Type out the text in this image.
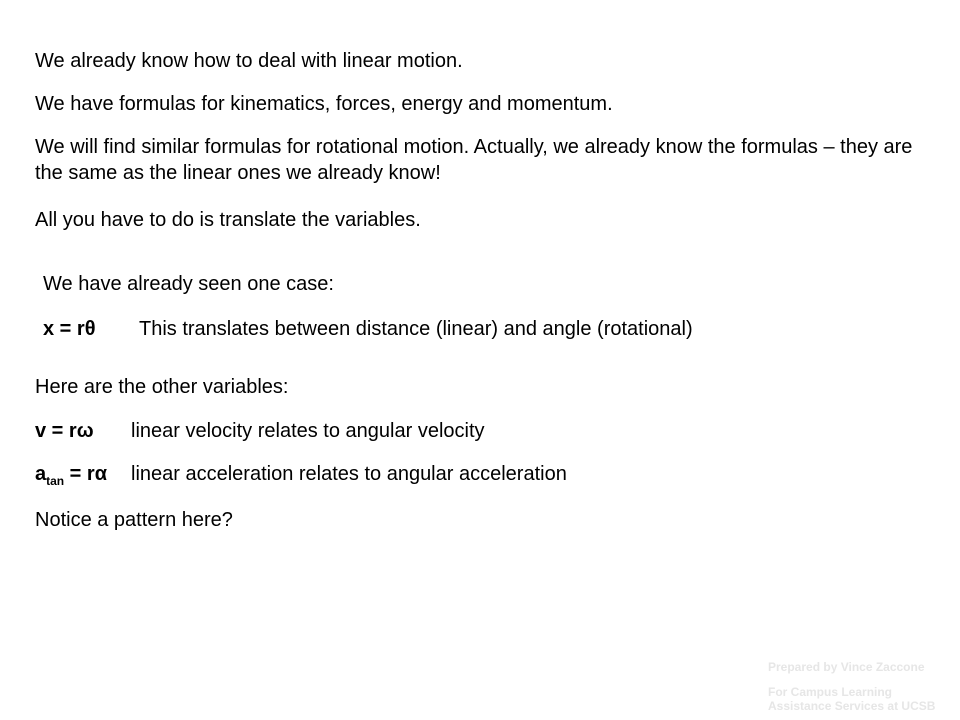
We already know how to deal with linear motion.
We have formulas for kinematics, forces, energy and momentum.
We will find similar formulas for rotational motion. Actually, we already know the formulas – they are the same as the linear ones we already know!
All you have to do is translate the variables.
We have already seen one case:
x = rθ This translates between distance (linear) and angle (rotational)
Here are the other variables:
v = rω linear velocity relates to angular velocity
$a_{tan} = r\alpha$ linear acceleration relates to angular acceleration
Notice a pattern here?
Prepared by Vince Zaccone
For Campus Learning
Assistance Services at UCSB
